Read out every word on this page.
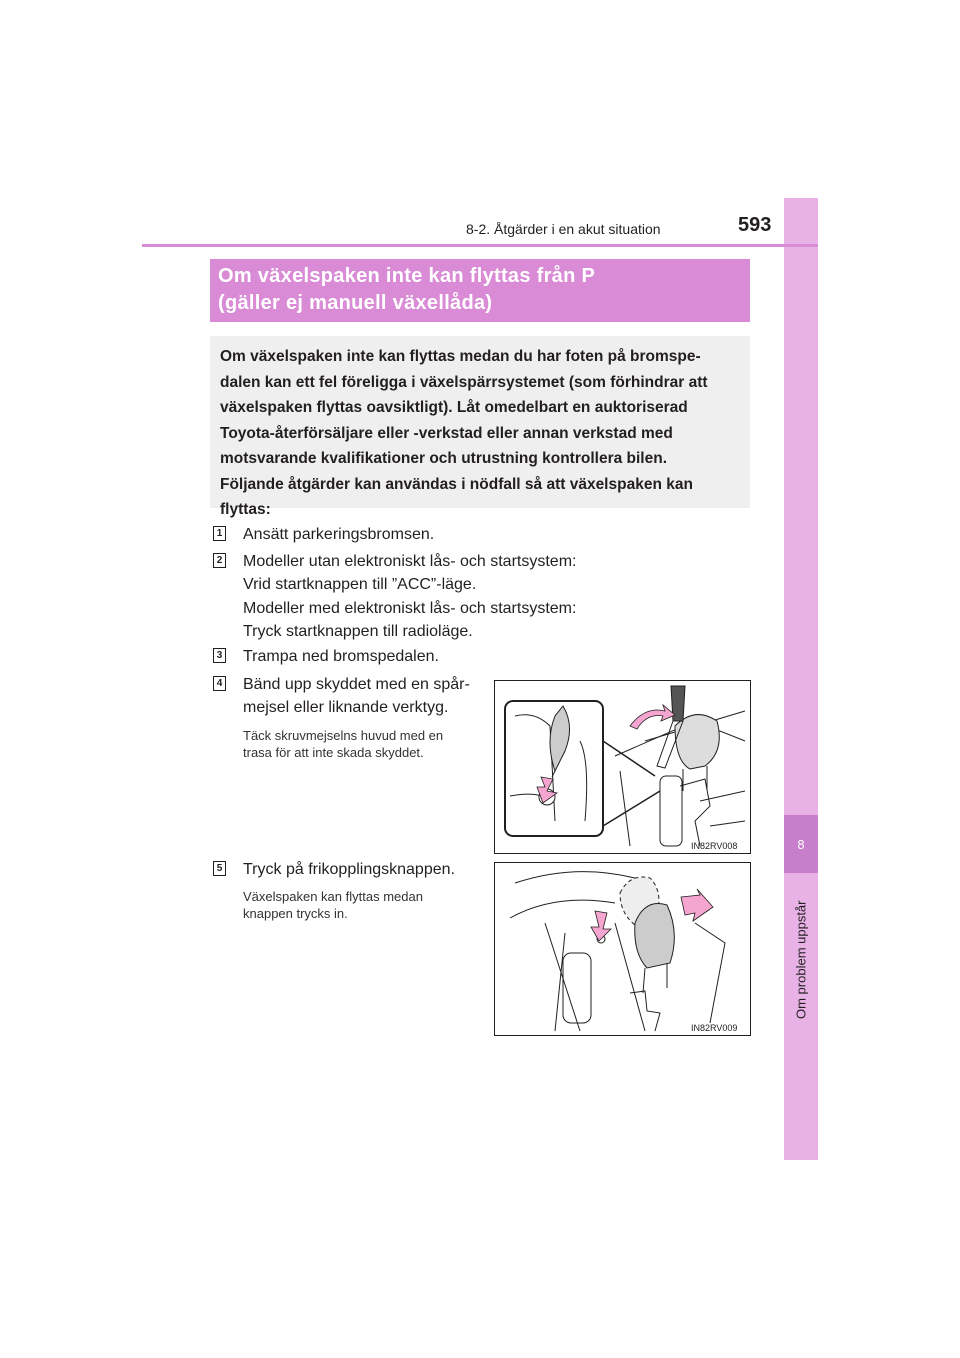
8
Om problem uppstår
8-2. Åtgärder i en akut situation	593
Om växelspaken inte kan flyttas från P
(gäller ej manuell växellåda)

Om växelspaken inte kan flyttas medan du har foten på bromspe-

dalen kan ett fel föreligga i växelspärrsystemet (som förhindrar att

växelspaken flyttas oavsiktligt). Låt omedelbart en auktoriserad

Toyota-återförsäljare eller -verkstad eller annan verkstad med

motsvarande kvalifikationer och utrustning kontrollera bilen.

Följande åtgärder kan användas i nödfall så att växelspaken kan

flyttas:

1 Ansätt parkeringsbromsen.
2 Modeller utan elektroniskt lås- och startsystem:
Vrid startknappen till ”ACC”-läge.
Modeller med elektroniskt lås- och startsystem:
Tryck startknappen till radioläge.
3 Trampa ned bromspedalen.
4 Bänd upp skyddet med en spår-
mejsel eller liknande verktyg.
Täck skruvmejselns huvud med en
trasa för att inte skada skyddet.
5 Tryck på frikopplingsknappen.
Växelspaken kan flyttas medan
knappen trycks in.
IN82RV008
IN82RV009
